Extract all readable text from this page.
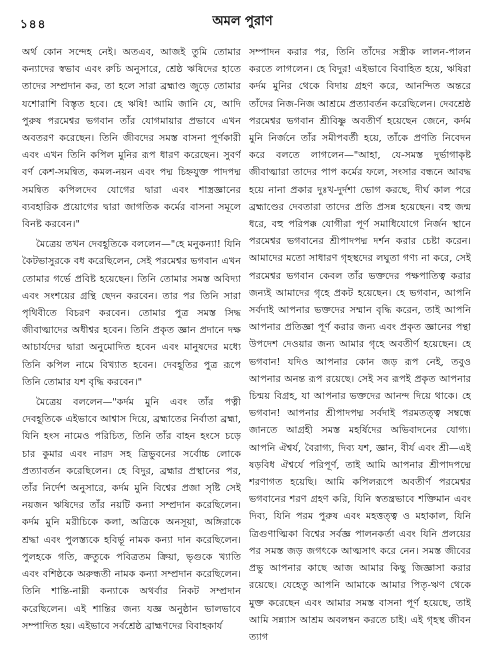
১৪৪	অমল পুরাণ

অর্থ কোন সন্দেহ নেই। অতএব, আজই তুমি তোমার কন্যাদের স্বভাব এবং রুচি অনুসারে, শ্রেষ্ঠ ঋষিদের হাতে তাদের সম্প্রদান কর, তা হলে সারা ব্রহ্মাণ্ড জুড়ে তোমার যশোরাশি বিস্তৃত হবে। হে ঋষি! আমি জানি যে, আদি পুরুষ পরমেশ্বর ভগবান তাঁর যোগমায়ার প্রভাবে এখন অবতরণ করেছেন। তিনি জীবদের সমস্ত বাসনা পূর্ণকারী এবং এখন তিনি কপিল মুনির রূপ ধারণ করেছেন। সুবর্ণ বর্ণ কেশ-সমন্বিত, কমল-নয়ন এবং পদ্ম চিহ্নযুক্ত পাদপদ্ম সমন্বিত কপিলদেব যোগের দ্বারা এবং শাস্ত্রজ্ঞানের ব্যবহারিক প্রয়োগের দ্বারা জাগতিক কর্মের বাসনা সমূলে বিনষ্ট করবেন।"

মৈত্রেয় তখন দেবহূতিকে বললেন—"হে মনুকন্যা! যিনি কৈটভাসুরকে বধ করেছিলেন, সেই পরমেশ্বর ভগবান এখন তোমার গর্ভে প্রবিষ্ট হয়েছেন। তিনি তোমার সমস্ত অবিদ্যা এবং সংশয়ের গ্রন্থি ছেদন করবেন। তার পর তিনি সারা পৃথিবীতে বিচরণ করবেন। তোমার পুত্র সমস্ত সিদ্ধ জীবাত্মাদের অধীশ্বর হবেন। তিনি প্রকৃত জ্ঞান প্রদানে দক্ষ আচার্যদের দ্বারা অনুমোদিত হবেন এবং মানুষদের মধ্যে তিনি কপিল নামে বিখ্যাত হবেন। দেবহূতির পুত্র রূপে তিনি তোমার যশ বৃদ্ধি করবেন।"

মৈত্রেয় বললেন—"কর্দম মুনি এবং তাঁর পত্নী দেবহূতিকে এইভাবে আশ্বাস দিয়ে, ব্রহ্মাতের নির্বাতা ব্রহ্মা, যিনি হংস নামেও পরিচিত, তিনি তাঁর বাহন হংসে চড়ে চার কুমার এবং নারদ সহ ত্রিভুবনের সর্বোচ্চ লোকে প্রত্যাবর্তন করেছিলেন। হে বিদুর, ব্রহ্মার প্রস্থানের পর, তাঁর নির্দেশ অনুসারে, কর্দম মুনি বিশ্বের প্রজা সৃষ্টি সেই নয়জন ঋষিদের তাঁর নয়টি কন্যা সম্প্রদান করেছিলেন। কর্দম মুনি মরীচিকে কলা, অত্রিকে অনসূয়া, অঙ্গিরাকে শ্রদ্ধা এবং পুলস্ত্যকে হবির্ভূ নামক কন্যা দান করেছিলেন। পুলহকে গতি, ক্রতুকে পবিত্রতম ক্রিয়া, ভৃগুকে খ্যাতি এবং বশিষ্ঠকে অরুন্ধতী নামক কন্যা সম্প্রদান করেছিলেন। তিনি শান্তি-নাম্নী কন্যাকে অথর্বার নিকট সম্প্রদান করেছিলেন। এই শান্তির জন্য যজ্ঞ অনুষ্ঠান ভালভাবে সম্পাদিত হয়। এইভাবে সর্বশ্রেষ্ঠ ব্রাহ্মণদের বিবাহকার্য

সম্পাদন করার পর, তিনি তাঁদের সস্ত্রীক লালন-পালন করতে লাগলেন। হে বিদুর! এইভাবে বিবাহিত হয়ে, ঋষিরা কর্দম মুনির থেকে বিদায় গ্রহণ করে, আনন্দিত অন্তরে তাঁদের নিজ-নিজ আশ্রমে প্রত্যাবর্তন করেছিলেন। দেবশ্রেষ্ঠ পরমেশ্বর ভগবান শ্রীবিষ্ণু অবতীর্ণ হয়েছেন জেনে, কর্দম মুনি নির্জনে তাঁর সমীপবর্তী হয়ে, তাঁকে প্রণতি নিবেদন করে বলতে লাগলেন—"আহা, যে-সমস্ত দুর্ভাগাকৃষ্ট জীবাত্মারা তাদের পাপ কর্মের ফলে, সংসার বন্ধনে আবদ্ধ হয়ে নানা প্রকার দুঃখ-দুর্দশা ভোগ করছে, দীর্ঘ কাল পরে ব্রহ্মাণ্ডের দেবতারা তাদের প্রতি প্রসন্ন হয়েছেন। বহু জন্ম ধরে, বহু পরিপক্ক যোগীরা পূর্ণ সমাধিযোগে নির্জন স্থানে পরমেশ্বর ভগবানের শ্রীপাদপদ্ম দর্শন করার চেষ্টা করেন। আমাদের মতো সাধারণ গৃহস্থদের লঘুতা গণ্য না করে, সেই পরমেশ্বর ভগবান কেবল তাঁর ভক্তদের পক্ষপাতিত্ব করার জন্যই আমাদের গৃহে প্রকট হয়েছেন। হে ভগবান, আপনি সর্বদাই আপনার ভক্তদের সম্মান বৃদ্ধি করেন, তাই আপনি আপনার প্রতিজ্ঞা পূর্ণ করার জন্য এবং প্রকৃত জ্ঞানের পন্থা উপদেশ দেওয়ার জন্য আমার গৃহে অবতীর্ণ হয়েছেন। হে ভগবান! যদিও আপনার কোন জড় রূপ নেই, তবুও আপনার অনন্ত রূপ রয়েছে। সেই সব রূপই প্রকৃত আপনার চিন্ময় বিগ্রহ, যা আপনার ভক্তদের আনন্দ দিয়ে থাকে। হে ভগবান! আপনার শ্রীপাদপদ্ম সর্বদাই পরমতত্ত্ব সম্বন্ধে জানতে আগ্রহী সমস্ত মহর্ষিদের অভিবাদনের যোগ্য। আপনি ঐশ্বর্য, বৈরাগ্য, দিব্য যশ, জ্ঞান, বীর্য এবং শ্রী—এই ষড়বিধ ঐশ্বর্যে পরিপূর্ণ, তাই আমি আপনার শ্রীপাদপদ্মে শরণাগত হয়েছি। আমি কপিলরূপে অবতীর্ণ পরমেশ্বর ভগবানের শরণ গ্রহণ করি, যিনি স্বতন্ত্রভাবে শক্তিমান এবং দিব্য, যিনি পরম পুরুষ এবং মহত্তত্ত্ব ও মহাকাল, যিনি ত্রিগুণাত্মিকা বিশ্বের সর্বজ্ঞ পালনকর্তা এবং যিনি প্রলয়ের পর সমস্ত জড় জগৎকে আত্মসাৎ করে নেন। সমস্ত জীবের প্রভু আপনার কাছে আজ আমার কিছু জিজ্ঞাসা করার রয়েছে। যেহেতু আপনি আমাকে আমার পিতৃ-ঋণ থেকে মুক্ত করেছেন এবং আমার সমস্ত বাসনা পূর্ণ হয়েছে, তাই আমি সন্ন্যাস আশ্রম অবলম্বন করতে চাই। এই গৃহস্থ জীবন ত্যাগ
